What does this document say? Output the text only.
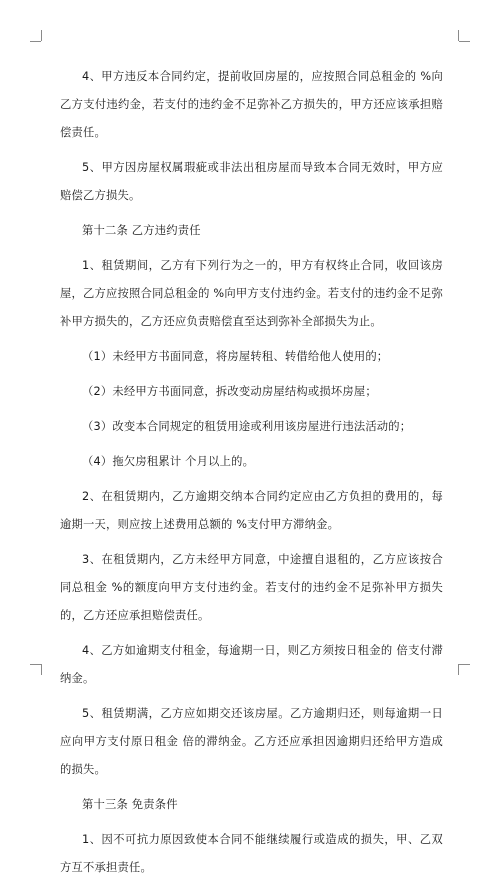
4、甲方违反本合同约定，提前收回房屋的，应按照合同总租金的 %向乙方支付违约金，若支付的违约金不足弥补乙方损失的，甲方还应该承担赔偿责任。

5、甲方因房屋权属瑕疵或非法出租房屋而导致本合同无效时，甲方应赔偿乙方损失。

第十二条 乙方违约责任

1、租赁期间，乙方有下列行为之一的，甲方有权终止合同，收回该房屋，乙方应按照合同总租金的 %向甲方支付违约金。若支付的违约金不足弥补甲方损失的，乙方还应负责赔偿直至达到弥补全部损失为止。

（1）未经甲方书面同意，将房屋转租、转借给他人使用的；

（2）未经甲方书面同意，拆改变动房屋结构或损坏房屋；

（3）改变本合同规定的租赁用途或利用该房屋进行违法活动的；

（4）拖欠房租累计 个月以上的。

2、在租赁期内，乙方逾期交纳本合同约定应由乙方负担的费用的，每逾期一天，则应按上述费用总额的 %支付甲方滞纳金。

3、在租赁期内，乙方未经甲方同意，中途擅自退租的，乙方应该按合同总租金 %的额度向甲方支付违约金。若支付的违约金不足弥补甲方损失的，乙方还应承担赔偿责任。

4、乙方如逾期支付租金，每逾期一日，则乙方须按日租金的 倍支付滞纳金。

5、租赁期满，乙方应如期交还该房屋。乙方逾期归还，则每逾期一日应向甲方支付原日租金 倍的滞纳金。乙方还应承担因逾期归还给甲方造成的损失。

第十三条 免责条件

1、因不可抗力原因致使本合同不能继续履行或造成的损失，甲、乙双方互不承担责任。
